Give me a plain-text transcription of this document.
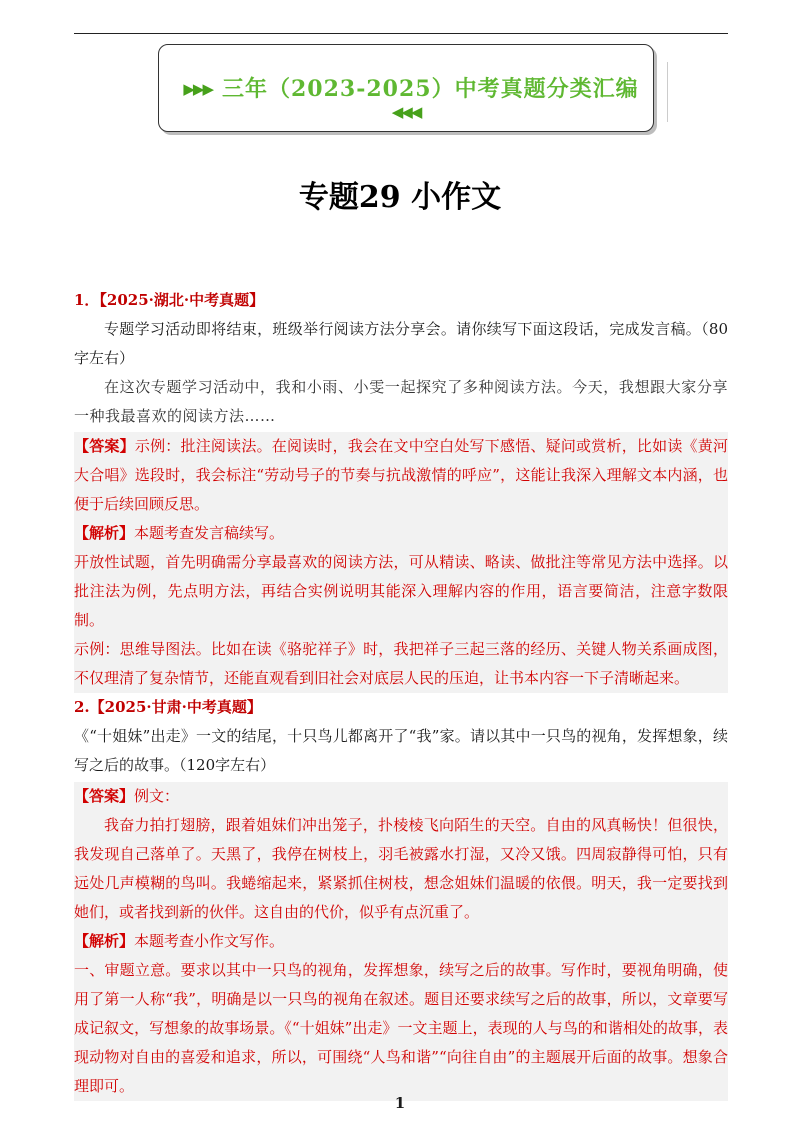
▶▶▶ 三年（2023-2025）中考真题分类汇编◀◀◀
专题29 小作文

1．【2025·湖北·中考真题】

专题学习活动即将结束，班级举行阅读方法分享会。请你续写下面这段话，完成发言稿。（80字左右）

在这次专题学习活动中，我和小雨、小雯一起探究了多种阅读方法。今天，我想跟大家分享一种我最喜欢的阅读方法……

【答案】示例：批注阅读法。在阅读时，我会在文中空白处写下感悟、疑问或赏析，比如读《黄河大合唱》选段时，我会标注“劳动号子的节奏与抗战激情的呼应”，这能让我深入理解文本内涵，也便于后续回顾反思。

【解析】本题考查发言稿续写。

开放性试题，首先明确需分享最喜欢的阅读方法，可从精读、略读、做批注等常见方法中选择。以批注法为例，先点明方法，再结合实例说明其能深入理解内容的作用，语言要简洁，注意字数限制。

示例：思维导图法。比如在读《骆驼祥子》时，我把祥子三起三落的经历、关键人物关系画成图，不仅理清了复杂情节，还能直观看到旧社会对底层人民的压迫，让书本内容一下子清晰起来。

2.【2025·甘肃·中考真题】

《“十姐妹”出走》一文的结尾，十只鸟儿都离开了“我”家。请以其中一只鸟的视角，发挥想象，续写之后的故事。（120字左右）

【答案】例文：

我奋力拍打翅膀，跟着姐妹们冲出笼子，扑棱棱飞向陌生的天空。自由的风真畅快！但很快，我发现自己落单了。天黑了，我停在树枝上，羽毛被露水打湿，又冷又饿。四周寂静得可怕，只有远处几声模糊的鸟叫。我蜷缩起来，紧紧抓住树枝，想念姐妹们温暖的依偎。明天，我一定要找到她们，或者找到新的伙伴。这自由的代价，似乎有点沉重了。

【解析】本题考查小作文写作。

一、审题立意。要求以其中一只鸟的视角，发挥想象，续写之后的故事。写作时，要视角明确，使用了第一人称“我”，明确是以一只鸟的视角在叙述。题目还要求续写之后的故事，所以，文章要写成记叙文，写想象的故事场景。《“十姐妹”出走》一文主题上，表现的人与鸟的和谐相处的故事，表现动物对自由的喜爱和追求，所以，可围绕“人鸟和谐”“向往自由”的主题展开后面的故事。想象合理即可。

1
